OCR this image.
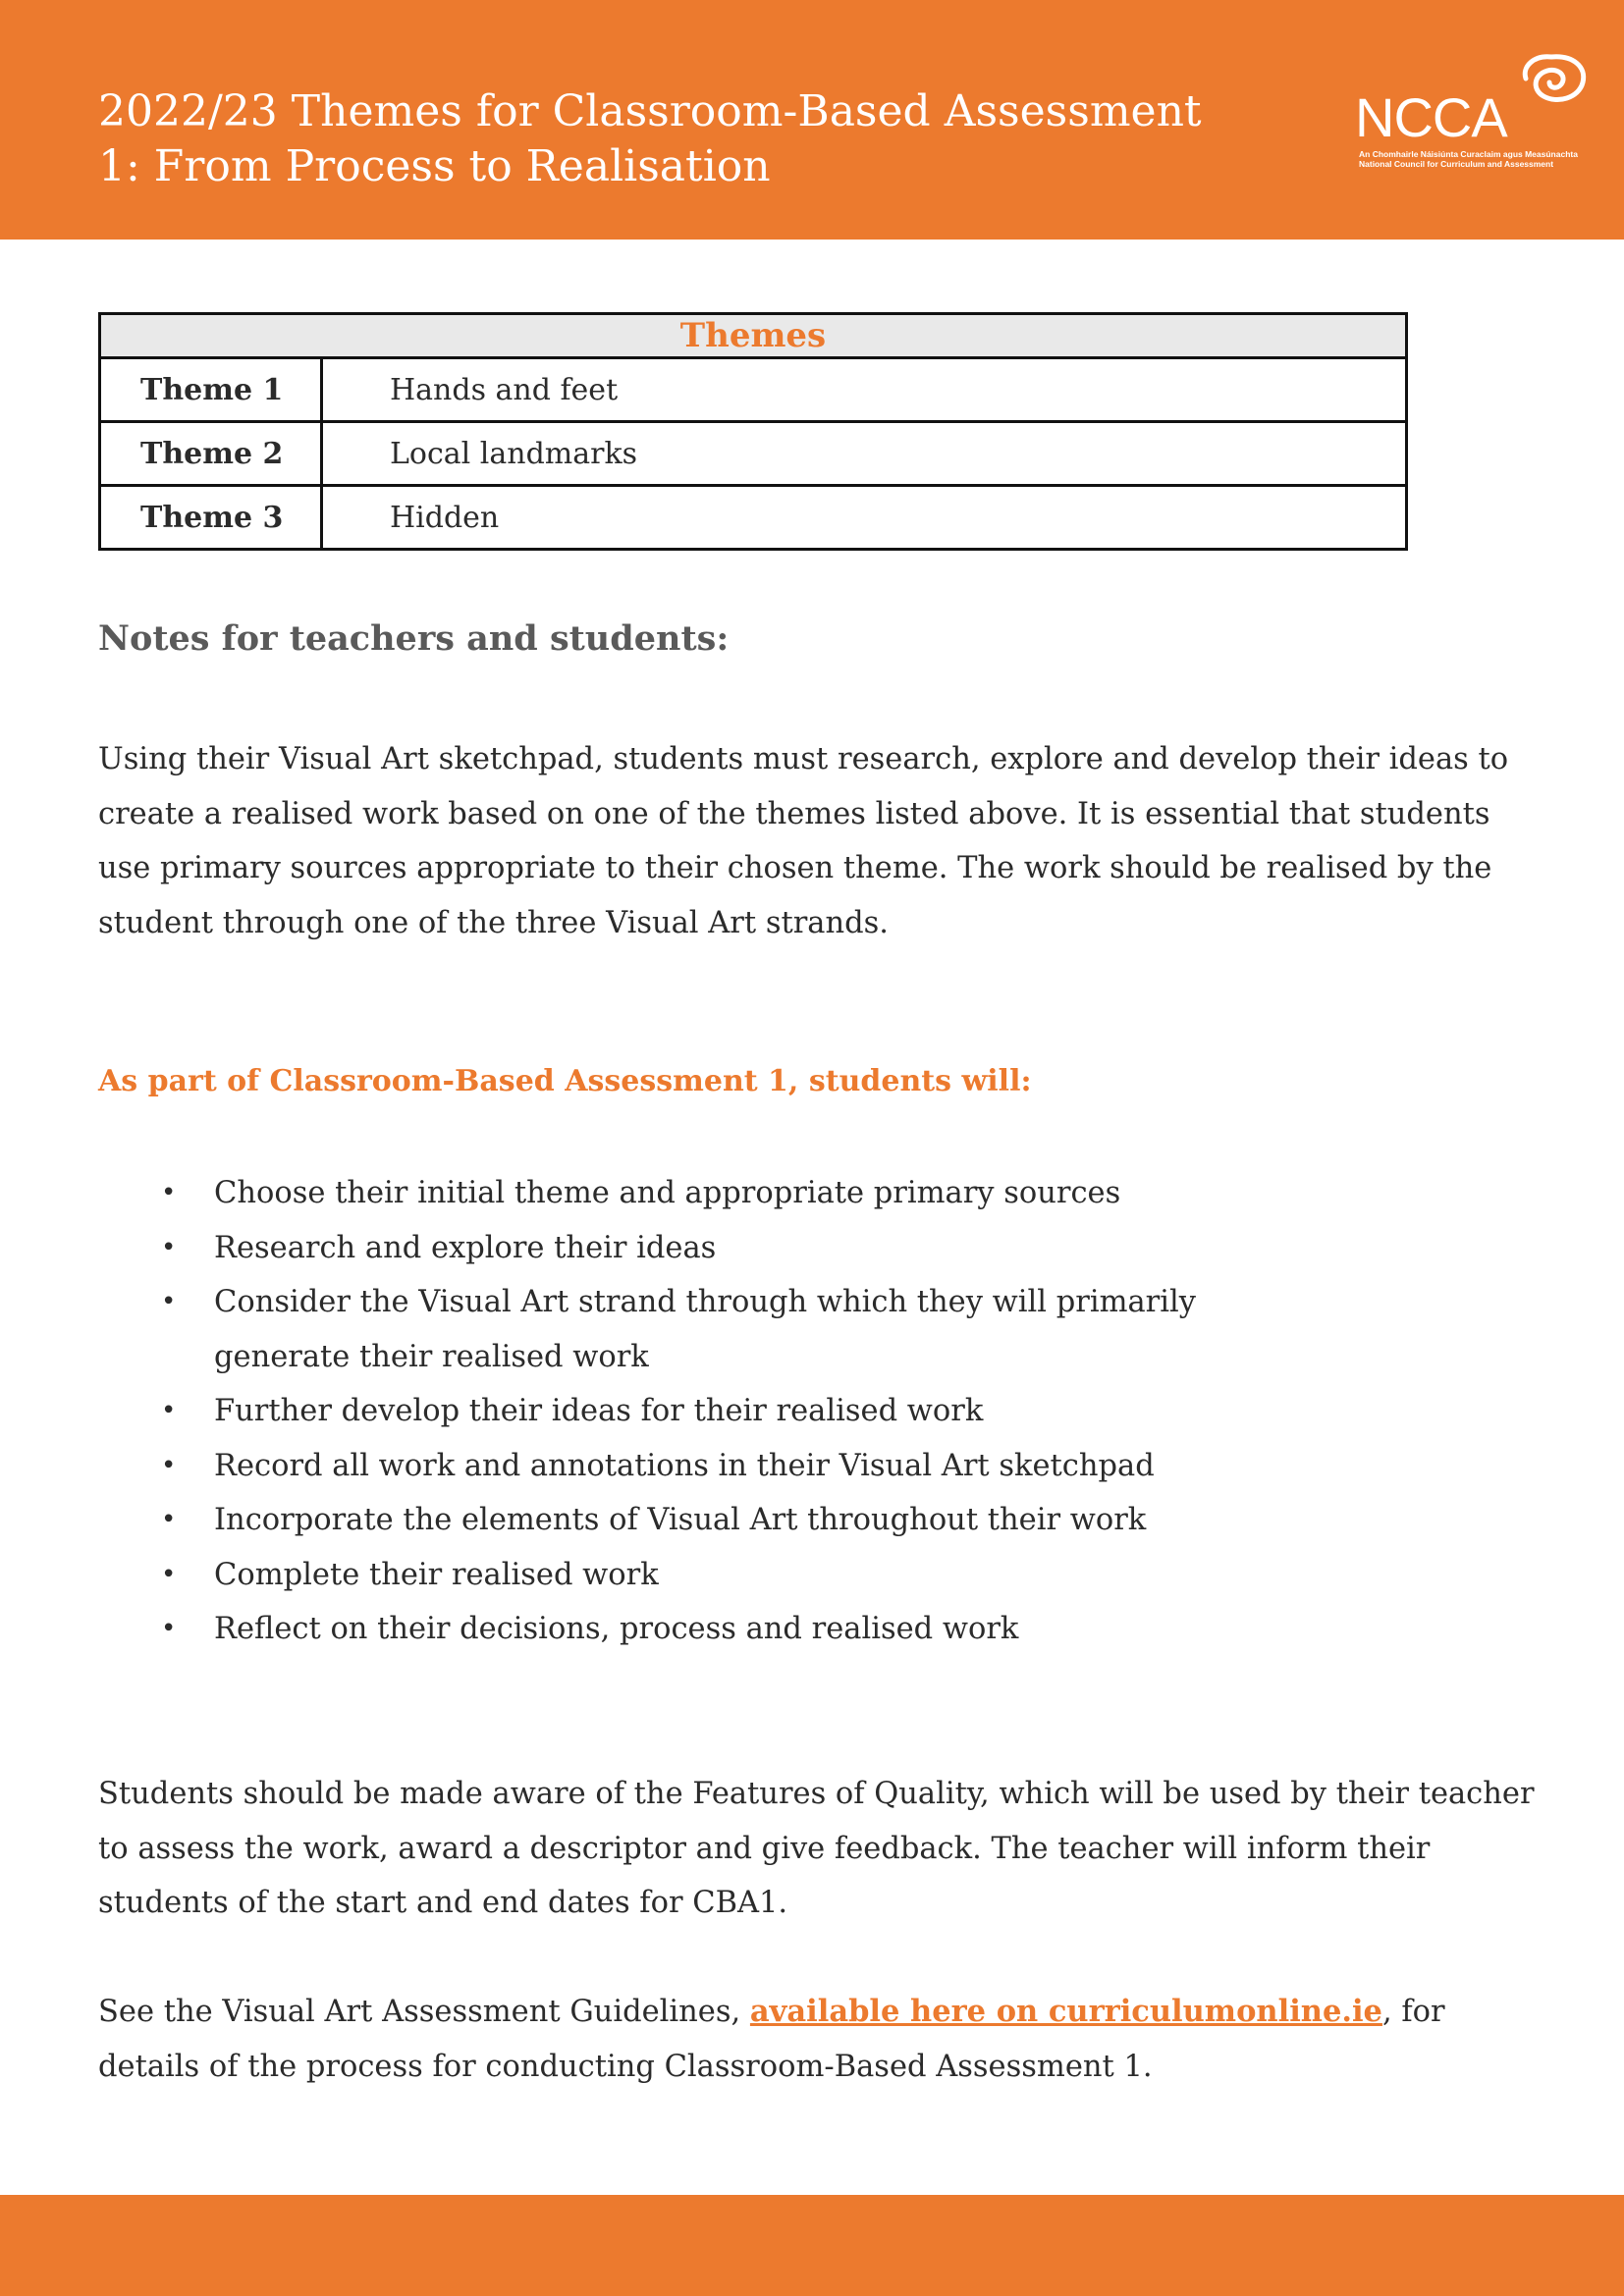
2022/23 Themes for Classroom-Based Assessment
1: From Process to Realisation
NCCA
An Chomhairle Náisiúnta Curaclaim agus Measúnachta
National Council for Curriculum and Assessment
Themes	
Theme 1	Hands and feet
Theme 2	Local landmarks
Theme 3	Hidden
Notes for teachers and students:

Using their Visual Art sketchpad, students must research, explore and develop their ideas to create a realised work based on one of the themes listed above. It is essential that students use primary sources appropriate to their chosen theme. The work should be realised by the student through one of the three Visual Art strands.

As part of Classroom-Based Assessment 1, students will:
• Choose their initial theme and appropriate primary sources
• Research and explore their ideas
• Consider the Visual Art strand through which they will primarily generate their realised work
• Further develop their ideas for their realised work
• Record all work and annotations in their Visual Art sketchpad
• Incorporate the elements of Visual Art throughout their work
• Complete their realised work
• Reflect on their decisions, process and realised work

Students should be made aware of the Features of Quality, which will be used by their teacher to assess the work, award a descriptor and give feedback. The teacher will inform their students of the start and end dates for CBA1.

See the Visual Art Assessment Guidelines, available here on curriculumonline.ie, for details of the process for conducting Classroom-Based Assessment 1.
